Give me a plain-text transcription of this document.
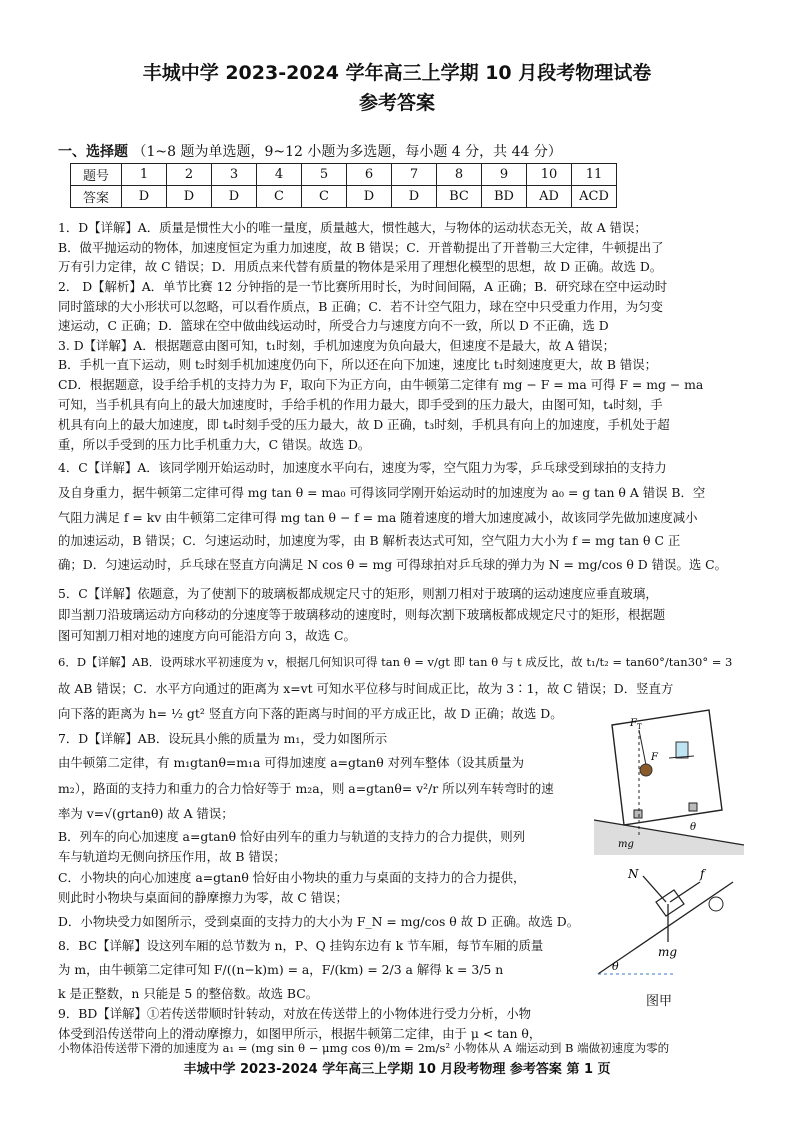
丰城中学 2023-2024 学年高三上学期 10 月段考物理试卷
参考答案
一、选择题 （1~8 题为单选题，9~12 小题为多选题，每小题 4 分，共 44 分）
题号	1	2	3	4	5	6	7	8	9	10	11
答案	D	D	D	C	C	D	D	BC	BD	AD	ACD
1．D【详解】A．质量是惯性大小的唯一量度，质量越大，惯性越大，与物体的运动状态无关，故 A 错误；
B．做平抛运动的物体，加速度恒定为重力加速度，故 B 错误；C．开普勒提出了开普勒三大定律，牛顿提出了
万有引力定律，故 C 错误；D．用质点来代替有质量的物体是采用了理想化模型的思想，故 D 正确。故选 D。
2． D【解析】A．单节比赛 12 分钟指的是一节比赛所用时长，为时间间隔，A 正确；B．研究球在空中运动时
同时篮球的大小形状可以忽略，可以看作质点，B 正确；C．若不计空气阻力，球在空中只受重力作用，为匀变
速运动，C 正确；D．篮球在空中做曲线运动时，所受合力与速度方向不一致，所以 D 不正确，选 D
3. D【详解】A．根据题意由图可知，t₁时刻，手机加速度为负向最大，但速度不是最大，故 A 错误；
B．手机一直下运动，则 t₂时刻手机加速度仍向下，所以还在向下加速，速度比 t₁时刻速度更大，故 B 错误；
CD．根据题意，设手给手机的支持力为 F，取向下为正方向，由牛顿第二定律有 mg − F = ma 可得 F = mg − ma
可知，当手机具有向上的最大加速度时，手给手机的作用力最大，即手受到的压力最大，由图可知，t₄时刻，手
机具有向上的最大加速度，即 t₄时刻手受的压力最大，故 D 正确，t₃时刻，手机具有向上的加速度，手机处于超
重，所以手受到的压力比手机重力大，C 错误。故选 D。
4．C【详解】A．该同学刚开始运动时，加速度水平向右，速度为零，空气阻力为零，乒乓球受到球拍的支持力
及自身重力，据牛顿第二定律可得 mg tan θ = ma₀ 可得该同学刚开始运动时的加速度为 a₀ = g tan θ A 错误 B．空
气阻力满足 f = kv 由牛顿第二定律可得 mg tan θ − f = ma 随着速度的增大加速度减小，故该同学先做加速度减小
的加速运动，B 错误；C．匀速运动时，加速度为零，由 B 解析表达式可知，空气阻力大小为 f = mg tan θ C 正
确；D．匀速运动时，乒乓球在竖直方向满足 N cos θ = mg 可得球拍对乒乓球的弹力为 N = mg/cos θ D 错误。选 C。
5．C【详解】依题意，为了使割下的玻璃板都成规定尺寸的矩形，则割刀相对于玻璃的运动速度应垂直玻璃，
即当割刀沿玻璃运动方向移动的分速度等于玻璃移动的速度时，则每次割下玻璃板都成规定尺寸的矩形，根据题
图可知割刀相对地的速度方向可能沿方向 3，故选 C。
6．D【详解】AB．设两球水平初速度为 v，根据几何知识可得 tan θ = v/gt 即 tan θ 与 t 成反比，故 t₁/t₂ = tan60°/tan30° = 3
故 AB 错误；C．水平方向通过的距离为 x=vt 可知水平位移与时间成正比，故为 3∶1，故 C 错误；D．竖直方
向下落的距离为 h= ½ gt² 竖直方向下落的距离与时间的平方成正比，故 D 正确；故选 D。
7．D【详解】AB．设玩具小熊的质量为 m₁，受力如图所示
由牛顿第二定律，有 m₁gtanθ=m₁a 可得加速度 a=gtanθ 对列车整体（设其质量为
m₂），路面的支持力和重力的合力恰好等于 m₂a，则 a=gtanθ= v²/r 所以列车转弯时的速
率为 v=√(grtanθ) 故 A 错误；
B．列车的向心加速度 a=gtanθ 恰好由列车的重力与轨道的支持力的合力提供，则列
车与轨道均无侧向挤压作用，故 B 错误；
C．小物块的向心加速度 a=gtanθ 恰好由小物块的重力与桌面的支持力的合力提供，
则此时小物块与桌面间的静摩擦力为零，故 C 错误；
D．小物块受力如图所示，受到桌面的支持力的大小为 F_N = mg/cos θ 故 D 正确。故选 D。
8．BC【详解】设这列车厢的总节数为 n，P、Q 挂钩东边有 k 节车厢，每节车厢的质量
为 m，由牛顿第二定律可知 F/((n−k)m) = a，F/(km) = 2/3 a 解得 k = 3/5 n
k 是正整数，n 只能是 5 的整倍数。故选 BC。
9．BD【详解】①若传送带顺时针转动，对放在传送带上的小物体进行受力分析，小物
体受到沿传送带向上的滑动摩擦力，如图甲所示，根据牛顿第二定律，由于 μ < tan θ，
小物体沿传送带下滑的加速度为 a₁ = (mg sin θ − μmg cos θ)/m = 2m/s² 小物体从 A 端运动到 B 端做初速度为零的
F T
F
θ
mg
N	f
mg
θ
图甲
丰城中学 2023-2024 学年高三上学期 10 月段考物理 参考答案 第 1 页
